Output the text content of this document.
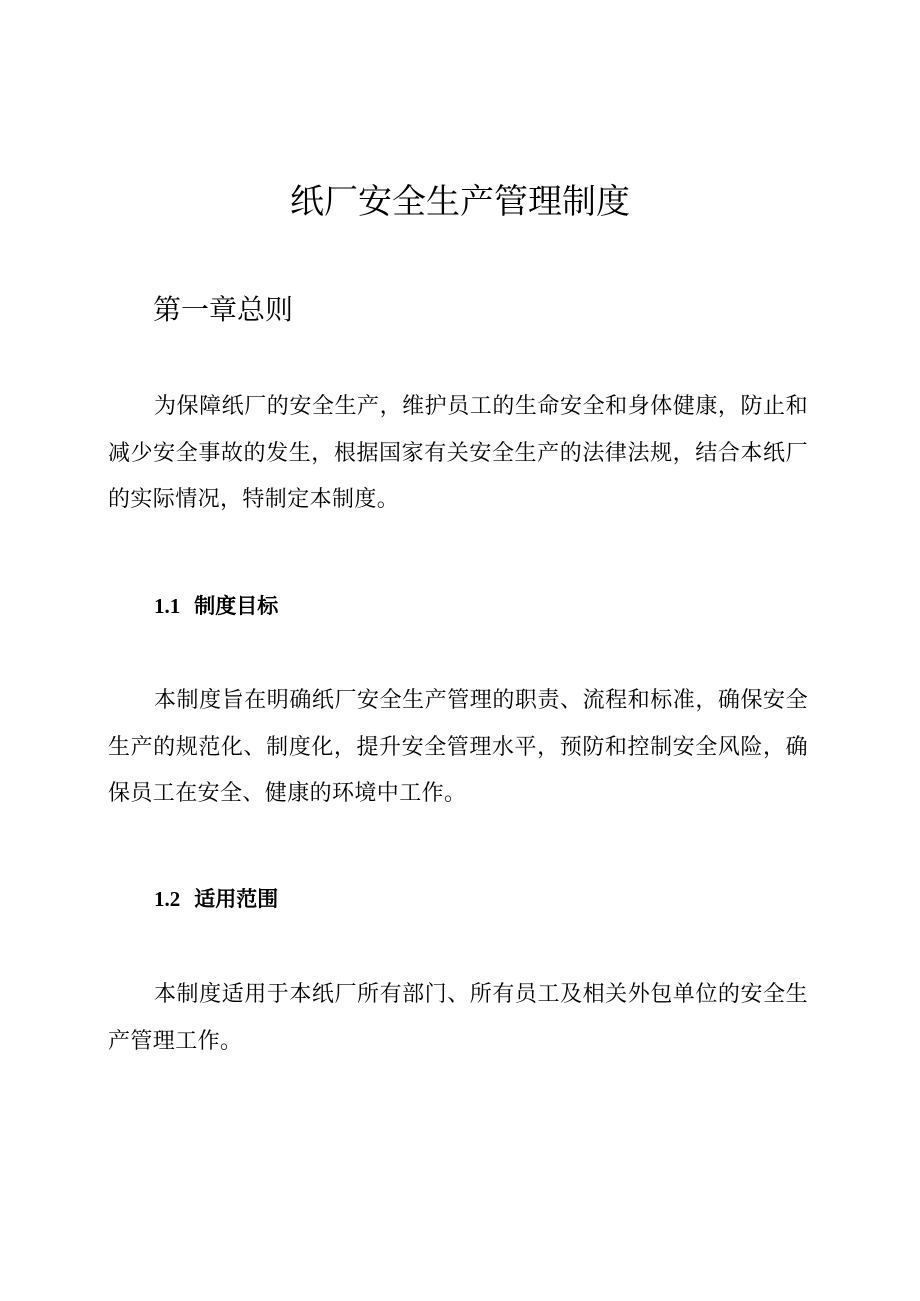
纸厂安全生产管理制度
第一章总则

为保障纸厂的安全生产，维护员工的生命安全和身体健康，防止和减少安全事故的发生，根据国家有关安全生产的法律法规，结合本纸厂的实际情况，特制定本制度。

1.1 制度目标

本制度旨在明确纸厂安全生产管理的职责、流程和标准，确保安全生产的规范化、制度化，提升安全管理水平，预防和控制安全风险，确保员工在安全、健康的环境中工作。

1.2 适用范围

本制度适用于本纸厂所有部门、所有员工及相关外包单位的安全生产管理工作。
